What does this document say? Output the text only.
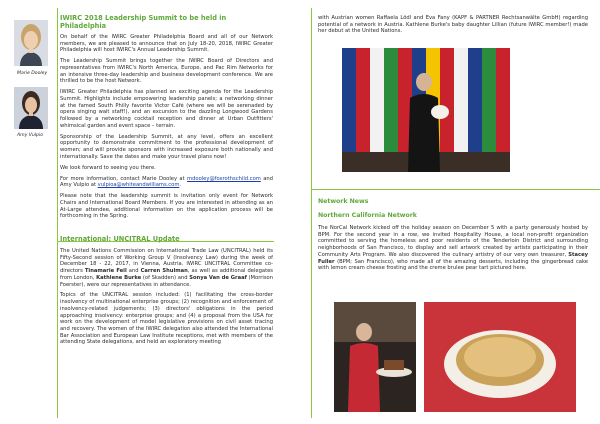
Marie Dooley
Amy Vulpio
IWIRC 2018 Leadership Summit to be held in Philadelphia

On behalf of the IWIRC Greater Philadelphia Board and all of our Network members, we are pleased to announce that on July 18-20, 2018, IWIRC Greater Philadelphia will host IWIRC's Annual Leadership Summit.

The Leadership Summit brings together the IWIRC Board of Directors and representatives from IWIRC's North America, Europe, and Pac Rim Networks for an intensive three-day leadership and business development conference. We are thrilled to be the host Network.

IWIRC Greater Philadelphia has planned an exciting agenda for the Leadership Summit. Highlights include empowering leadership panels; a networking dinner at the famed South Philly favorite Victor Café (where we will be serenaded by opera singing wait staff!), and an excursion to the dazzling Longwood Gardens followed by a networking cocktail reception and dinner at Urban Outfitters' whimsical garden and event space – terrain.

Sponsorship of the Leadership Summit, at any level, offers an excellent opportunity to demonstrate commitment to the professional development of women; and will provide sponsors with increased exposure both nationally and internationally. Save the dates and make your travel plans now!

We look forward to seeing you there.

For more information, contact Marie Dooley at mdooley@foxrothschild.com and Amy Vulpio at vulpioa@whiteandwilliams.com.

Please note that the leadership summit is invitation only event for Network Chairs and International Board Members. If you are interested in attending as an At-Large attendee, additional information on the application process will be forthcoming in the Spring.

International: UNCITRAL Update

The United Nations Commission on International Trade Law (UNCITRAL) held its Fifty-Second session of Working Group V (Insolvency Law) during the week of December 18 - 22, 2017, in Vienna, Austria. IWIRC UNCITRAL Committee co-directors Tinamarie Feil and Carren Shulman, as well as additional delegates from London, Kathlene Burke (of Skadden) and Sonya Van de Graaf (Morrison Foerster), were our representatives in attendance.

Topics of the UNCITRAL session included: (1) facilitating the cross-border insolvency of multinational enterprise groups; (2) recognition and enforcement of insolvency-related judgements; (3) directors' obligations in the period approaching insolvency: enterprise groups; and (4) a proposal from the USA for work on the development of model legislative provisions on civil asset tracing and recovery. The women of the IWIRC delegation also attended the International Bar Association and European Law Institute receptions, met with members of the attending State delegations, and held an exploratory meeting

with Austrian women Raffaela Lödl and Eva Fany (KAPF & PARTNER Rechtsanwälte GmbH) regarding potential of a network in Austria. Kathlene Burke's baby daughter Lillian (future IWIRC member!) made her debut at the United Nations.

Network News
Northern California Network

The NorCal Network kicked off the holiday season on December 5 with a party generously hosted by BPM. For the second year in a row, we invited Hospitality House, a local non-profit organization committed to serving the homeless and poor residents of the Tenderloin District and surrounding neighborhoods of San Francisco, to display and sell artwork created by artists participating in their Community Arts Program. We also discovered the culinary artistry of our very own treasurer, Stacey Fuller (BPM; San Francisco), who made all of the amazing desserts, including the gingerbread cake with lemon cream cheese frosting and the creme brulee pear tart pictured here.
